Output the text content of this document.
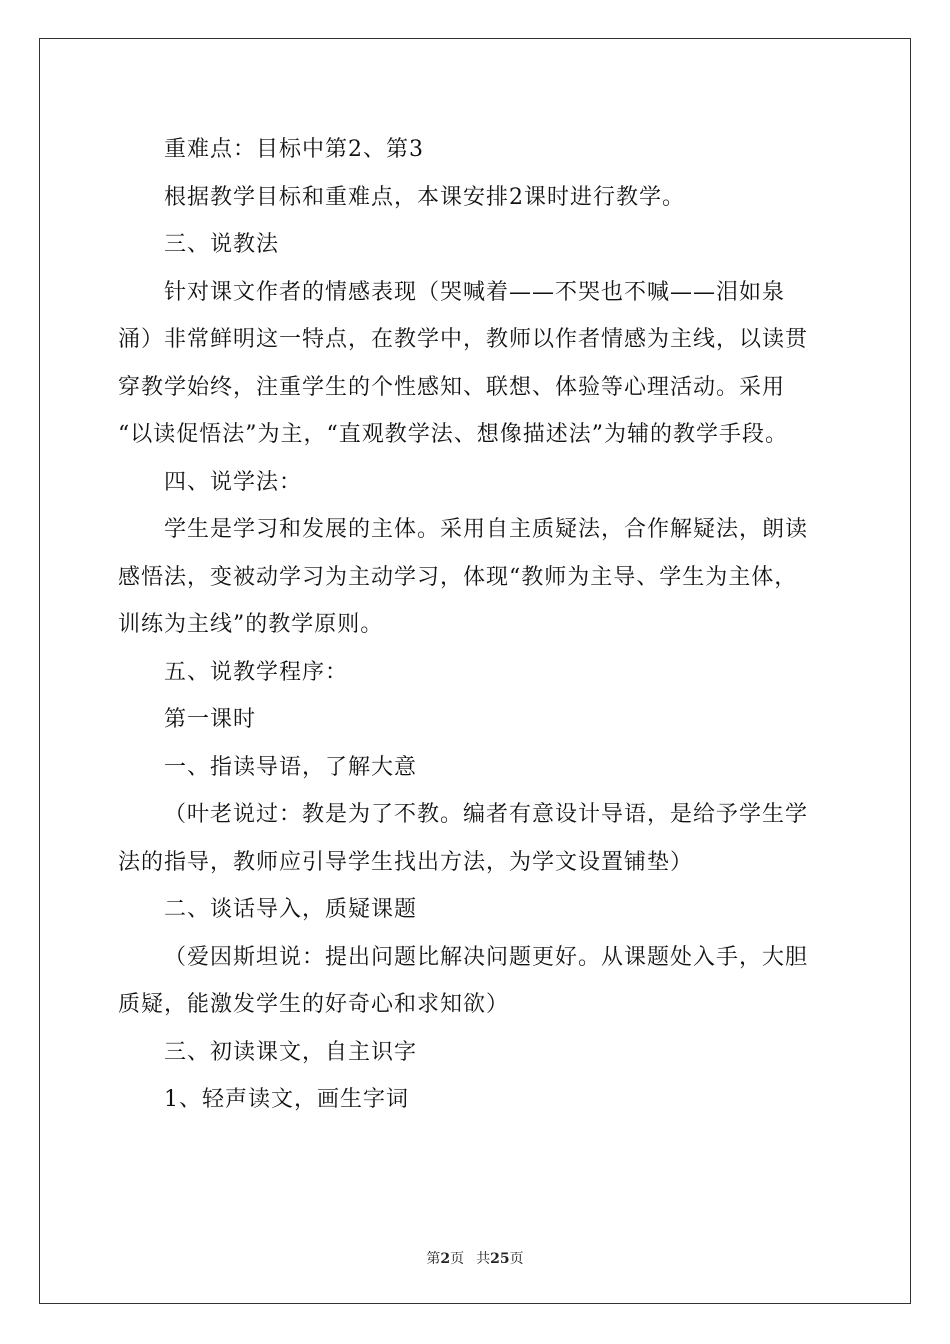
重难点：目标中第2、第3
根据教学目标和重难点，本课安排2课时进行教学。
三、说教法
针对课文作者的情感表现（哭喊着——不哭也不喊——泪如泉
涌）非常鲜明这一特点，在教学中，教师以作者情感为主线，以读贯
穿教学始终，注重学生的个性感知、联想、体验等心理活动。采用
“以读促悟法”为主，“直观教学法、想像描述法”为辅的教学手段。
四、说学法：
学生是学习和发展的主体。采用自主质疑法，合作解疑法，朗读
感悟法，变被动学习为主动学习，体现“教师为主导、学生为主体，
训练为主线”的教学原则。
五、说教学程序：
第一课时
一、指读导语，了解大意
（叶老说过：教是为了不教。编者有意设计导语，是给予学生学
法的指导，教师应引导学生找出方法，为学文设置铺垫）
二、谈话导入，质疑课题
（爱因斯坦说：提出问题比解决问题更好。从课题处入手，大胆
质疑，能激发学生的好奇心和求知欲）
三、初读课文，自主识字
1、轻声读文，画生字词
第2页 共25页
